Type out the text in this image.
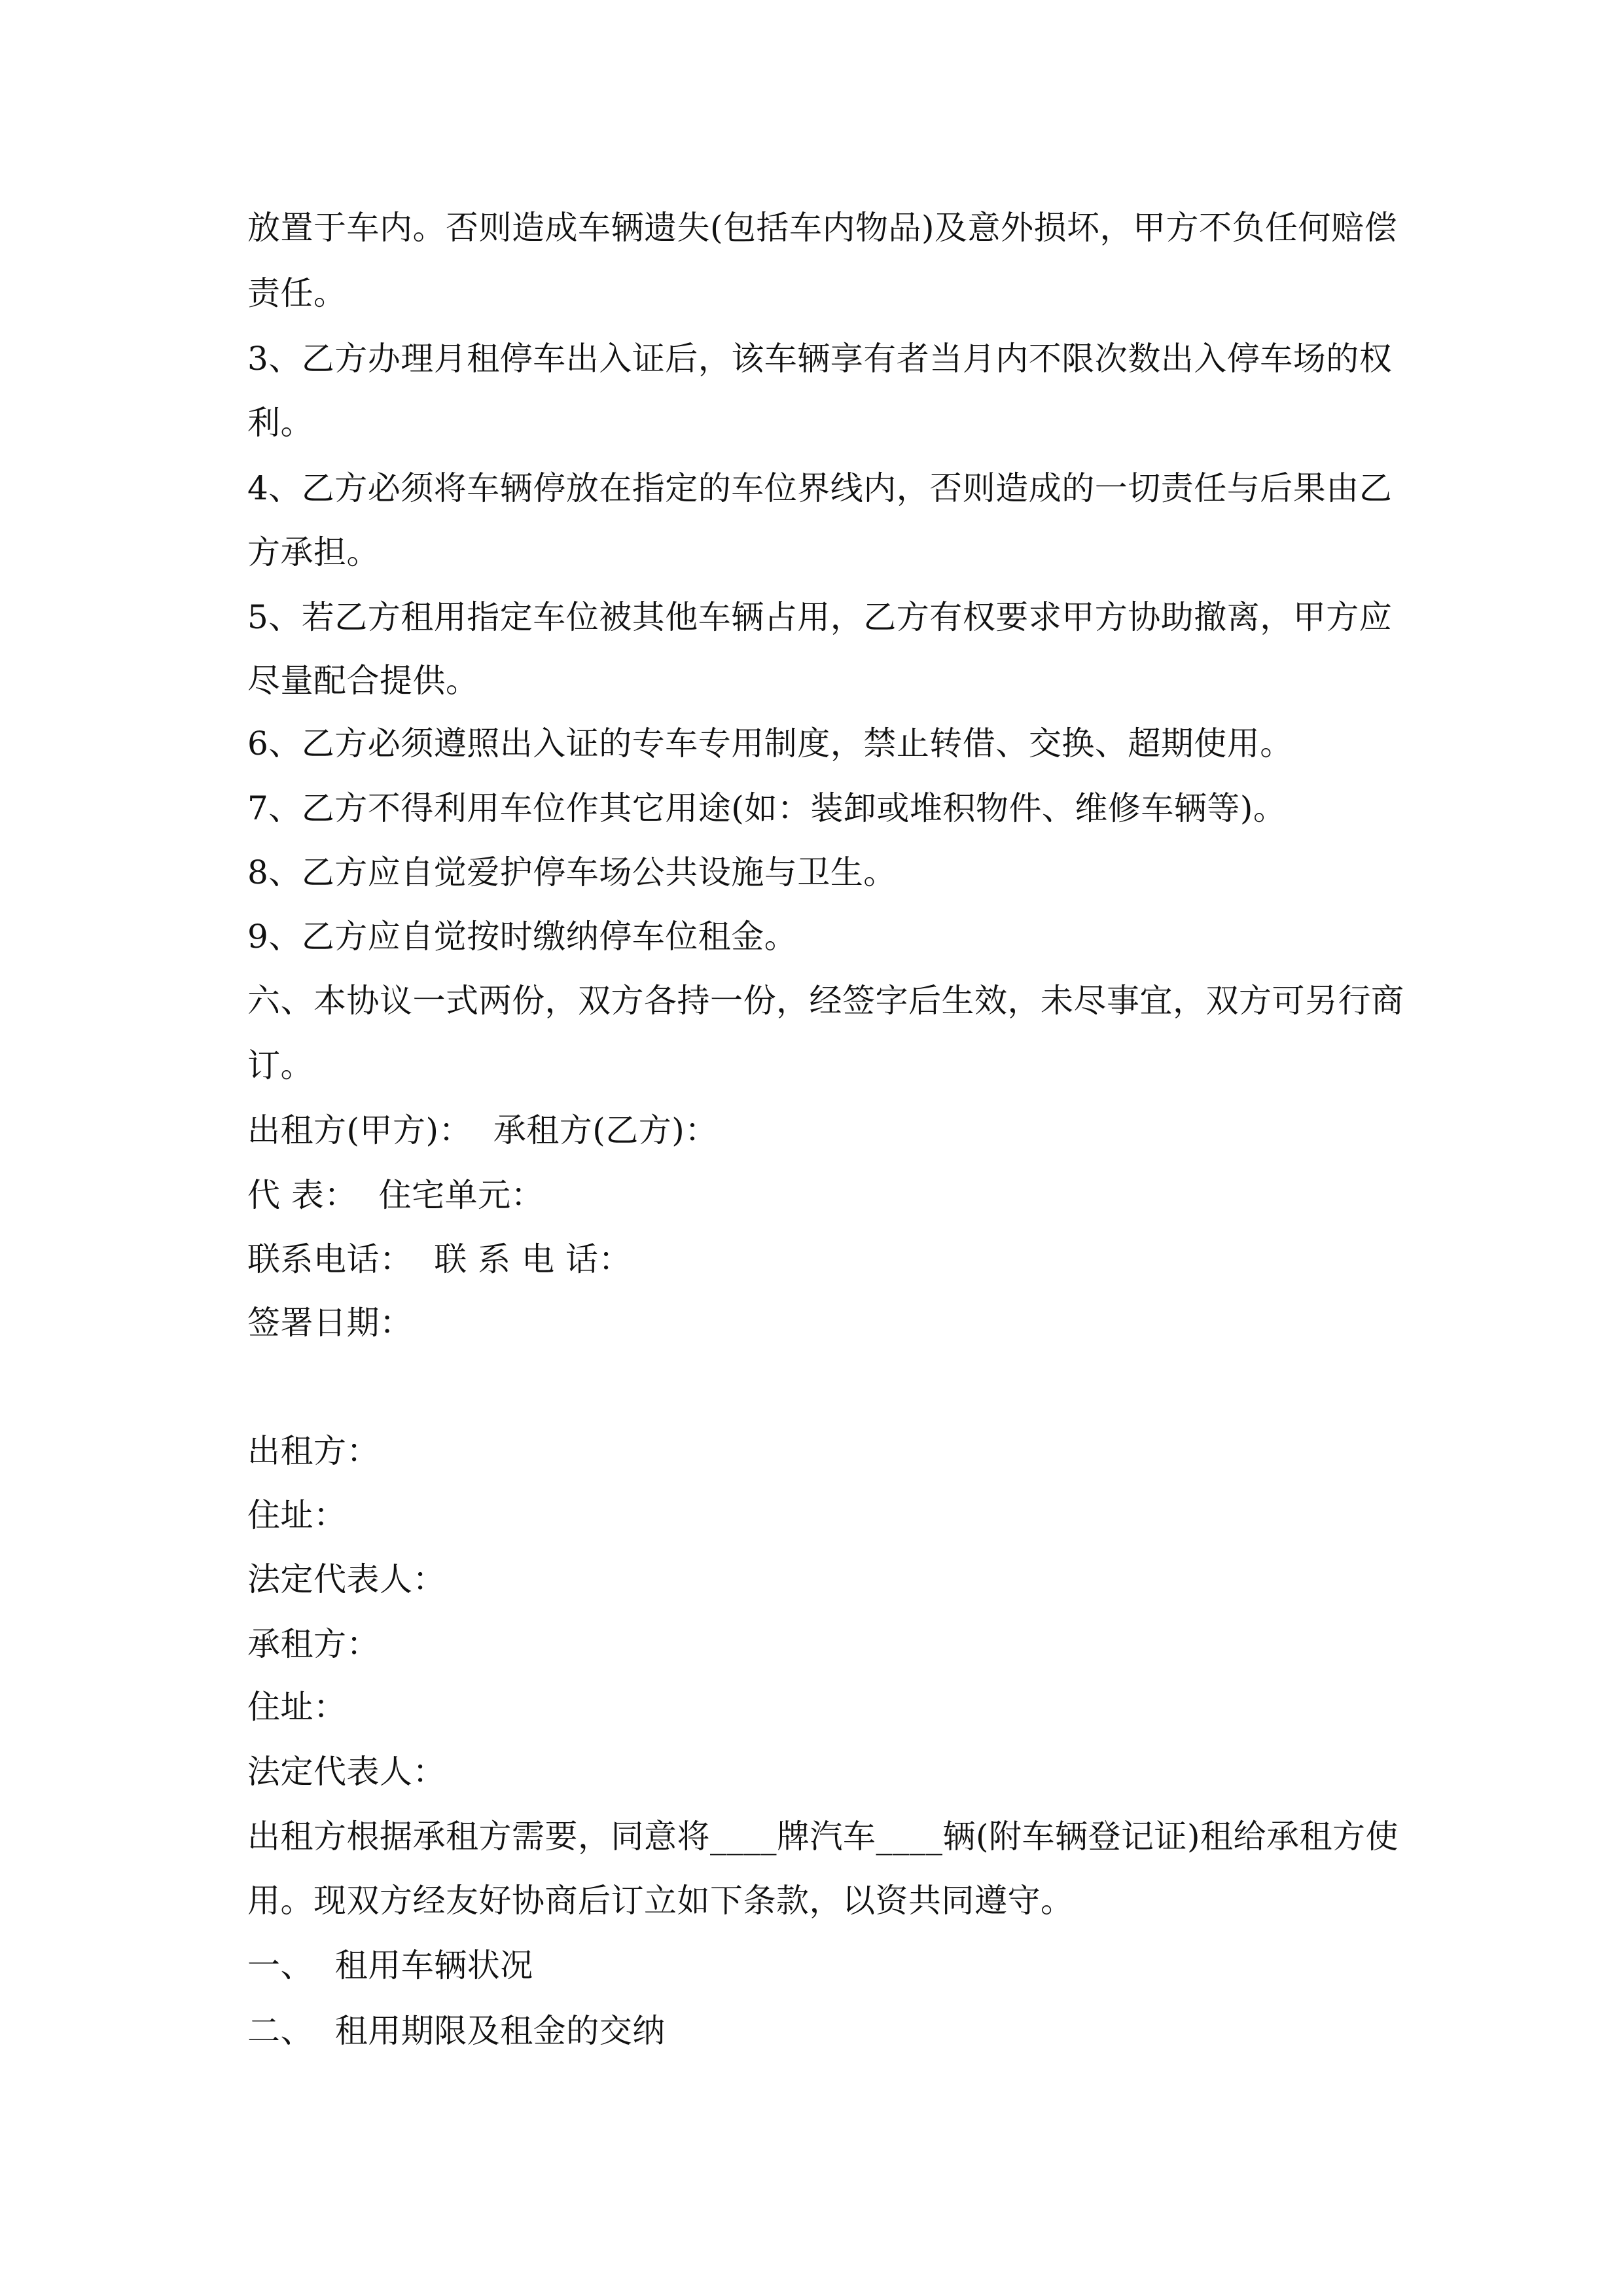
放置于车内。否则造成车辆遗失(包括车内物品)及意外损坏，甲方不负任何赔偿
责任。
3、乙方办理月租停车出入证后，该车辆享有者当月内不限次数出入停车场的权
利。
4、乙方必须将车辆停放在指定的车位界线内，否则造成的一切责任与后果由乙
方承担。
5、若乙方租用指定车位被其他车辆占用，乙方有权要求甲方协助撤离，甲方应
尽量配合提供。
6、乙方必须遵照出入证的专车专用制度，禁止转借、交换、超期使用。
7、乙方不得利用车位作其它用途(如：装卸或堆积物件、维修车辆等)。
8、乙方应自觉爱护停车场公共设施与卫生。
9、乙方应自觉按时缴纳停车位租金。
六、本协议一式两份，双方各持一份，经签字后生效，未尽事宜，双方可另行商
订。
出租方(甲方)：  承租方(乙方)：
代 表：  住宅单元：
联系电话：  联 系 电 话：
签署日期：
出租方：
住址：
法定代表人：
承租方：
住址：
法定代表人：
出租方根据承租方需要，同意将____牌汽车____辆(附车辆登记证)租给承租方使
用。现双方经友好协商后订立如下条款，以资共同遵守。
一、  租用车辆状况
二、  租用期限及租金的交纳
